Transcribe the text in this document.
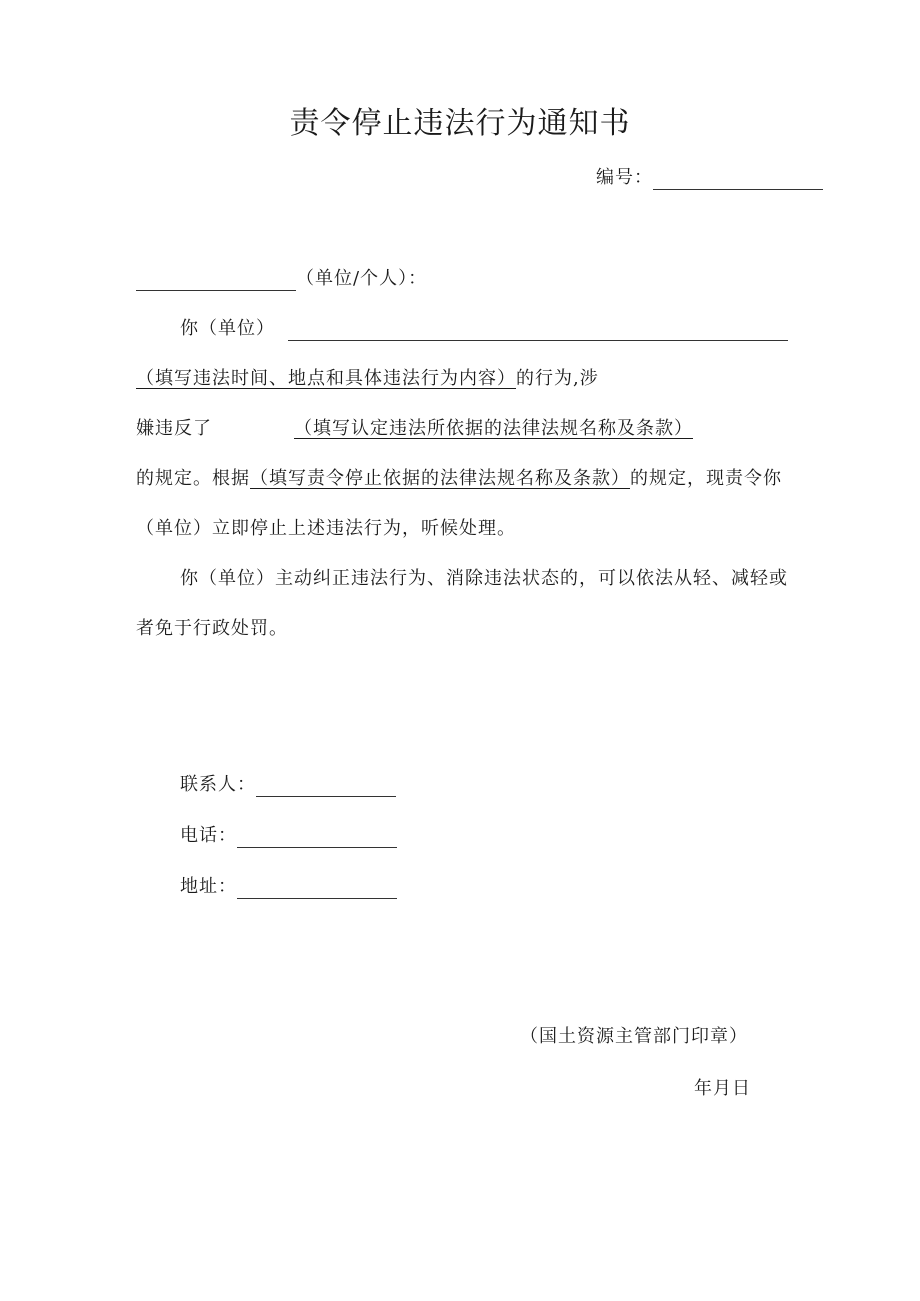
责令停止违法行为通知书
编号：
（单位/个人）：
你（单位）
（填写违法时间、地点和具体违法行为内容）的行为,涉
嫌违反了	（填写认定违法所依据的法律法规名称及条款）
的规定。根据（填写责令停止依据的法律法规名称及条款）的规定，现责令你
（单位）立即停止上述违法行为，听候处理。
你（单位）主动纠正违法行为、消除违法状态的，可以依法从轻、减轻或
者免于行政处罚。
联系人：
电话：
地址：
（国土资源主管部门印章）
年月日
